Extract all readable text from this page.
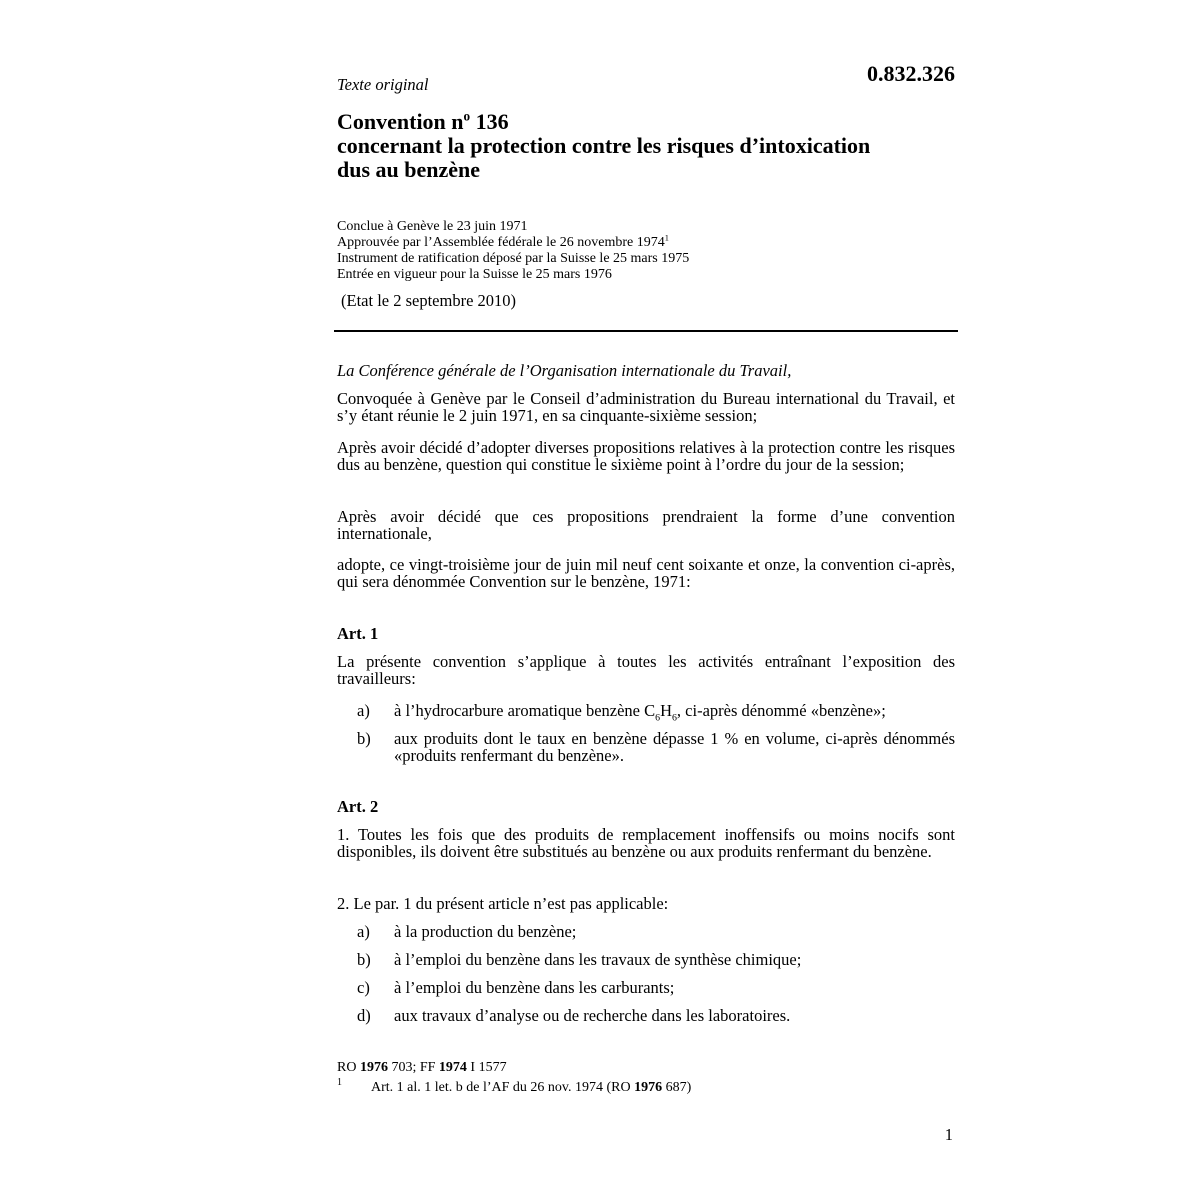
Texte original	0.832.326
Convention $n^o$ 136
concernant la protection contre les risques d’intoxication
dus au benzène
Conclue à Genève le 23 juin 1971
Approuvée par l’Assemblée fédérale le 26 novembre 1974$^1$
Instrument de ratification déposé par la Suisse le 25 mars 1975
Entrée en vigueur pour la Suisse le 25 mars 1976
(Etat le 2 septembre 2010)
La Conférence générale de l’Organisation internationale du Travail,
Convoquée à Genève par le Conseil d’administration du Bureau international du Travail, et s’y étant réunie le 2 juin 1971, en sa cinquante-sixième session;
Après avoir décidé d’adopter diverses propositions relatives à la protection contre les risques dus au benzène, question qui constitue le sixième point à l’ordre du jour de la session;
Après avoir décidé que ces propositions prendraient la forme d’une convention internationale,
adopte, ce vingt-troisième jour de juin mil neuf cent soixante et onze, la convention ci-après, qui sera dénommée Convention sur le benzène, 1971:
Art. 1
La présente convention s’applique à toutes les activités entraînant l’exposition des travailleurs:
a)	à l’hydrocarbure aromatique benzène $C_6H_6$, ci-après dénommé «benzène»;
b)	aux produits dont le taux en benzène dépasse 1 % en volume, ci-après dénommés «produits renfermant du benzène».
Art. 2
1. Toutes les fois que des produits de remplacement inoffensifs ou moins nocifs sont disponibles, ils doivent être substitués au benzène ou aux produits renfermant du benzène.
2. Le par. 1 du présent article n’est pas applicable:
a)	à la production du benzène;
b)	à l’emploi du benzène dans les travaux de synthèse chimique;
c)	à l’emploi du benzène dans les carburants;
d)	aux travaux d’analyse ou de recherche dans les laboratoires.
RO 1976 703; FF 1974 I 1577
1 Art. 1 al. 1 let. b de l’AF du 26 nov. 1974 (RO 1976 687)
1
